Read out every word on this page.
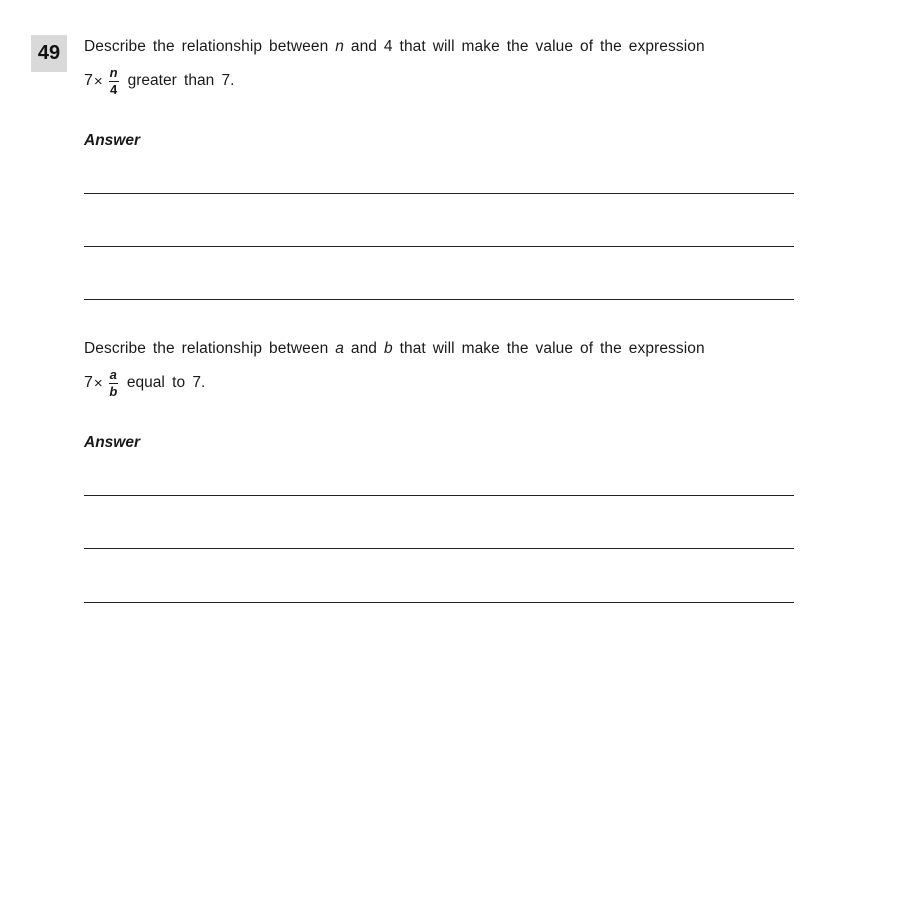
49	Describe the relationship between n and 4 that will make the value of the expression
$7 \times \frac{n}{4}$ greater than 7.
Answer
Describe the relationship between a and b that will make the value of the expression
$7 \times \frac{a}{b}$ equal to 7.
Answer
